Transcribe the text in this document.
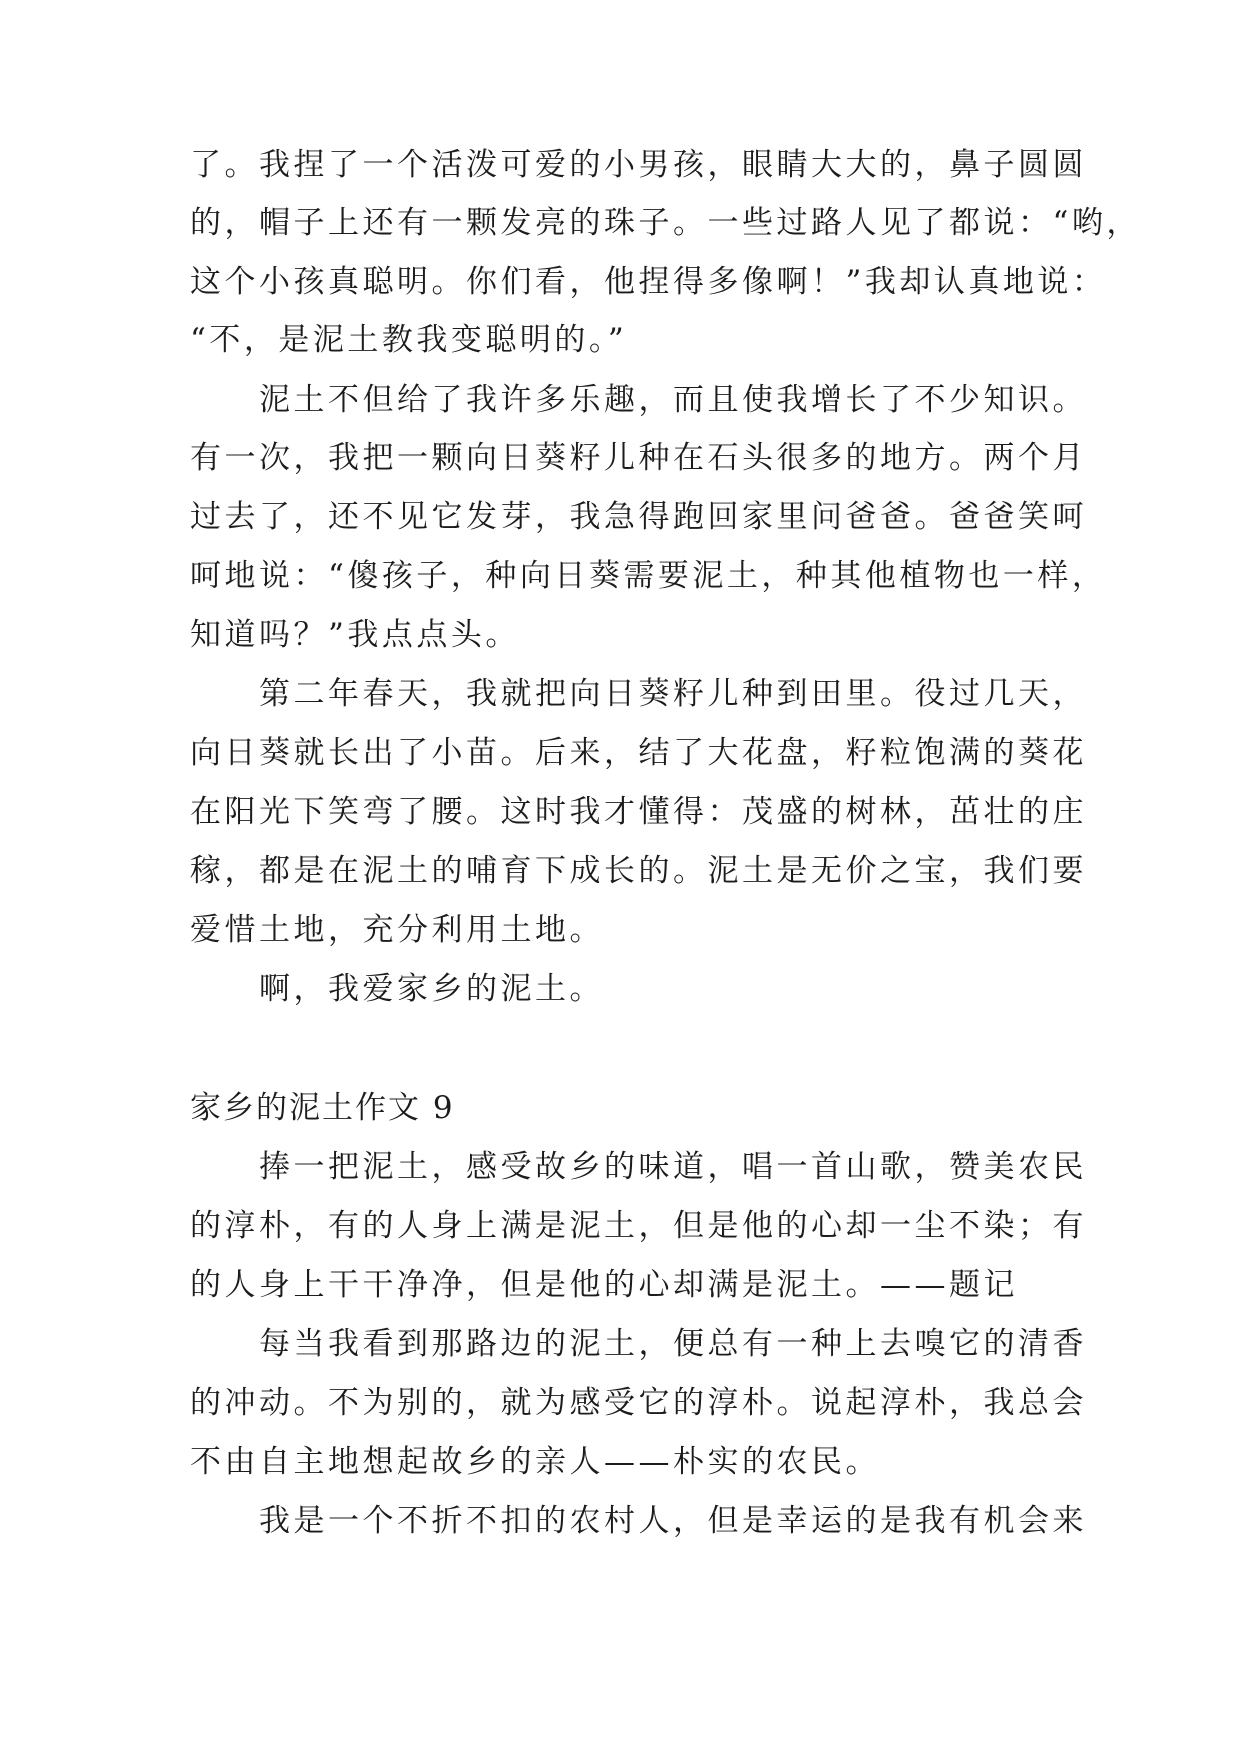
了。我捏了一个活泼可爱的小男孩，眼睛大大的，鼻子圆圆
的，帽子上还有一颗发亮的珠子。一些过路人见了都说：“哟，
这个小孩真聪明。你们看，他捏得多像啊！”我却认真地说：
“不，是泥土教我变聪明的。”
　　泥土不但给了我许多乐趣，而且使我增长了不少知识。
有一次，我把一颗向日葵籽儿种在石头很多的地方。两个月
过去了，还不见它发芽，我急得跑回家里问爸爸。爸爸笑呵
呵地说：“傻孩子，种向日葵需要泥土，种其他植物也一样，
知道吗？”我点点头。
　　第二年春天，我就把向日葵籽儿种到田里。役过几天，
向日葵就长出了小苗。后来，结了大花盘，籽粒饱满的葵花
在阳光下笑弯了腰。这时我才懂得：茂盛的树林，茁壮的庄
稼，都是在泥土的哺育下成长的。泥土是无价之宝，我们要
爱惜土地，充分利用土地。
　　啊，我爱家乡的泥土。
家乡的泥土作文 9
　　捧一把泥土，感受故乡的味道，唱一首山歌，赞美农民
的淳朴，有的人身上满是泥土，但是他的心却一尘不染；有
的人身上干干净净，但是他的心却满是泥土。——题记
　　每当我看到那路边的泥土，便总有一种上去嗅它的清香
的冲动。不为别的，就为感受它的淳朴。说起淳朴，我总会
不由自主地想起故乡的亲人——朴实的农民。
　　我是一个不折不扣的农村人，但是幸运的是我有机会来
